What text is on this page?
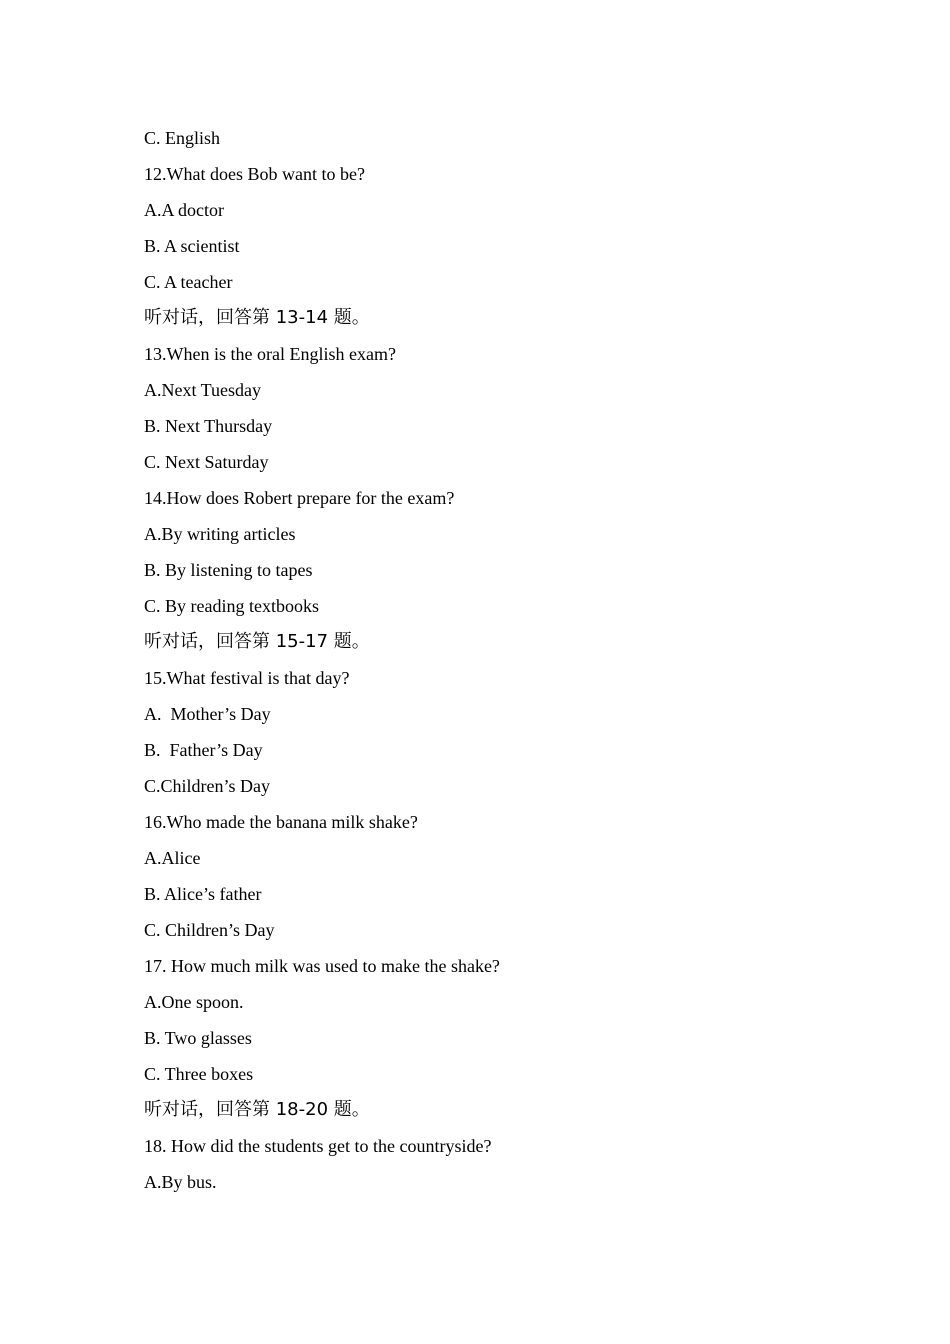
C. English

12.What does Bob want to be?

A.A doctor

B. A scientist

C. A teacher

听对话，回答第 13-14 题。

13.When is the oral English exam?

A.Next Tuesday

B. Next Thursday

C. Next Saturday

14.How does Robert prepare for the exam?

A.By writing articles

B. By listening to tapes

C. By reading textbooks

听对话，回答第 15-17 题。

15.What festival is that day?

A.  Mother’s Day

B.  Father’s Day

C.Children’s Day

16.Who made the banana milk shake?

A.Alice

B. Alice’s father

C. Children’s Day

17. How much milk was used to make the shake?

A.One spoon.

B. Two glasses

C. Three boxes

听对话，回答第 18-20 题。

18. How did the students get to the countryside?

A.By bus.
